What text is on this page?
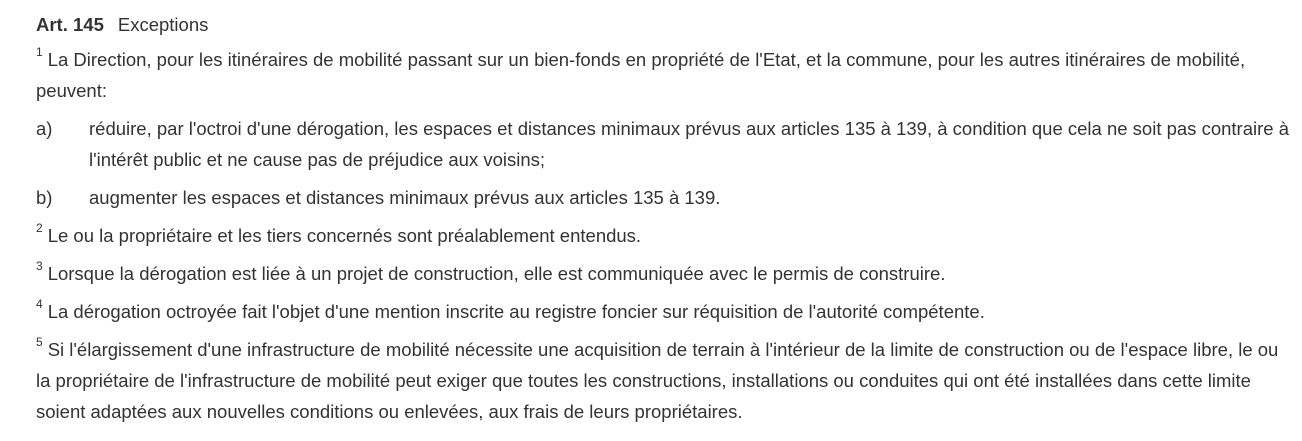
Art. 145 Exceptions
$^1$ La Direction, pour les itinéraires de mobilité passant sur un bien-fonds en propriété de l'Etat, et la commune, pour les autres itinéraires de mobilité, peuvent:
a)	réduire, par l'octroi d'une dérogation, les espaces et distances minimaux prévus aux articles 135 à 139, à condition que cela ne soit pas contraire à l'intérêt public et ne cause pas de préjudice aux voisins;
b)	augmenter les espaces et distances minimaux prévus aux articles 135 à 139.
$^2$ Le ou la propriétaire et les tiers concernés sont préalablement entendus.
$^3$ Lorsque la dérogation est liée à un projet de construction, elle est communiquée avec le permis de construire.
$^4$ La dérogation octroyée fait l'objet d'une mention inscrite au registre foncier sur réquisition de l'autorité compétente.
$^5$ Si l'élargissement d'une infrastructure de mobilité nécessite une acquisition de terrain à l'intérieur de la limite de construction ou de l'espace libre, le ou la propriétaire de l'infrastructure de mobilité peut exiger que toutes les constructions, installations ou conduites qui ont été installées dans cette limite soient adaptées aux nouvelles conditions ou enlevées, aux frais de leurs propriétaires.
